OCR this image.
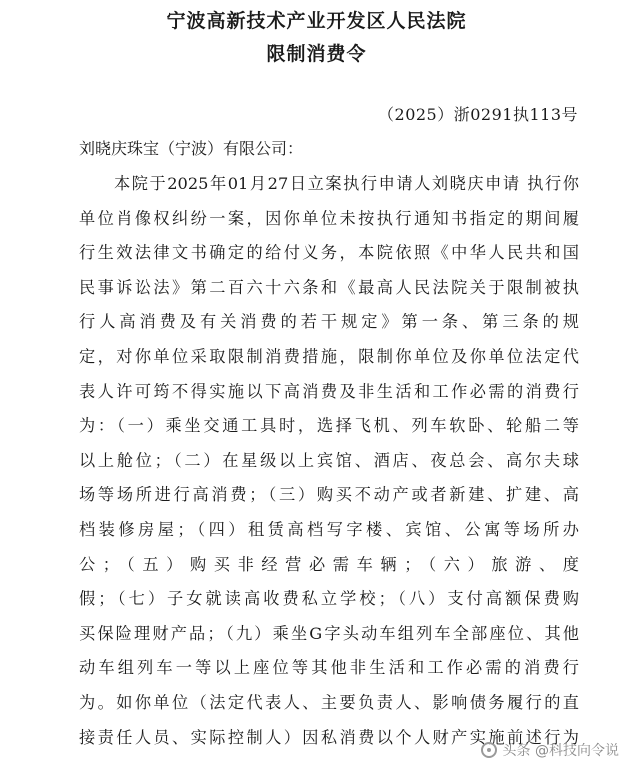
宁波高新技术产业开发区人民法院
限制消费令
（2025）浙0291执113号
刘晓庆珠宝（宁波）有限公司：
本院于2025年01月27日立案执行申请人刘晓庆申请 执行你
单位肖像权纠纷一案，因你单位未按执行通知书指定的期间履
行生效法律文书确定的给付义务，本院依照《中华人民共和国
民事诉讼法》第二百六十六条和《最高人民法院关于限制被执
行人高消费及有关消费的若干规定》第一条、第三条的规
定，对你单位采取限制消费措施，限制你单位及你单位法定代
表人许可筠不得实施以下高消费及非生活和工作必需的消费行
为：（一）乘坐交通工具时，选择飞机、列车软卧、轮船二等
以上舱位；（二）在星级以上宾馆、酒店、夜总会、高尔夫球
场等场所进行高消费；（三）购买不动产或者新建、扩建、高
档装修房屋；（四）租赁高档写字楼、宾馆、公寓等场所办
公；（五）购买非经营必需车辆；（六）旅游、度
假；（七）子女就读高收费私立学校；（八）支付高额保费购
买保险理财产品；（九）乘坐G字头动车组列车全部座位、其他
动车组列车一等以上座位等其他非生活和工作必需的消费行
为。如你单位（法定代表人、主要负责人、影响债务履行的直
接责任人员、实际控制人）因私消费以个人财产实施前述行为
头条 @科技向令说
